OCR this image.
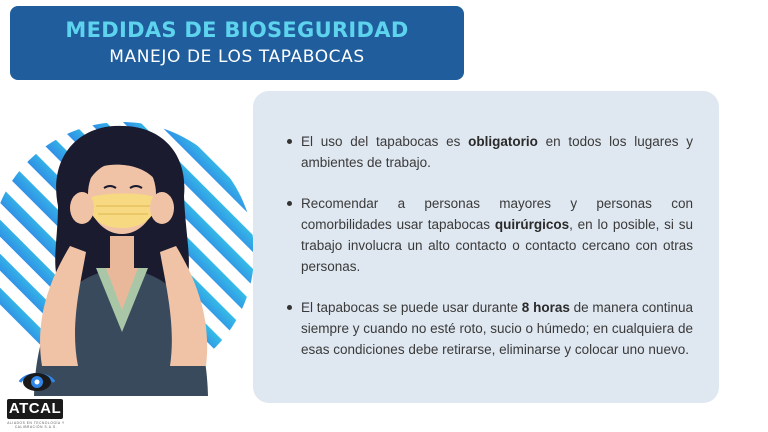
MEDIDAS DE BIOSEGURIDAD
MANEJO DE LOS TAPABOCAS
El uso del tapabocas es obligatorio en todos los lugares y ambientes de trabajo.
Recomendar a personas mayores y personas con comorbilidades usar tapabocas quirúrgicos, en lo posible, si su trabajo involucra un alto contacto o contacto cercano con otras personas.
El tapabocas se puede usar durante 8 horas de manera continua siempre y cuando no esté roto, sucio o húmedo; en cualquiera de esas condiciones debe retirarse, eliminarse y colocar uno nuevo.
ATCAL
ALIADOS EN TECNOLOGÍA Y CALIBRACIÓN S.A.S.
